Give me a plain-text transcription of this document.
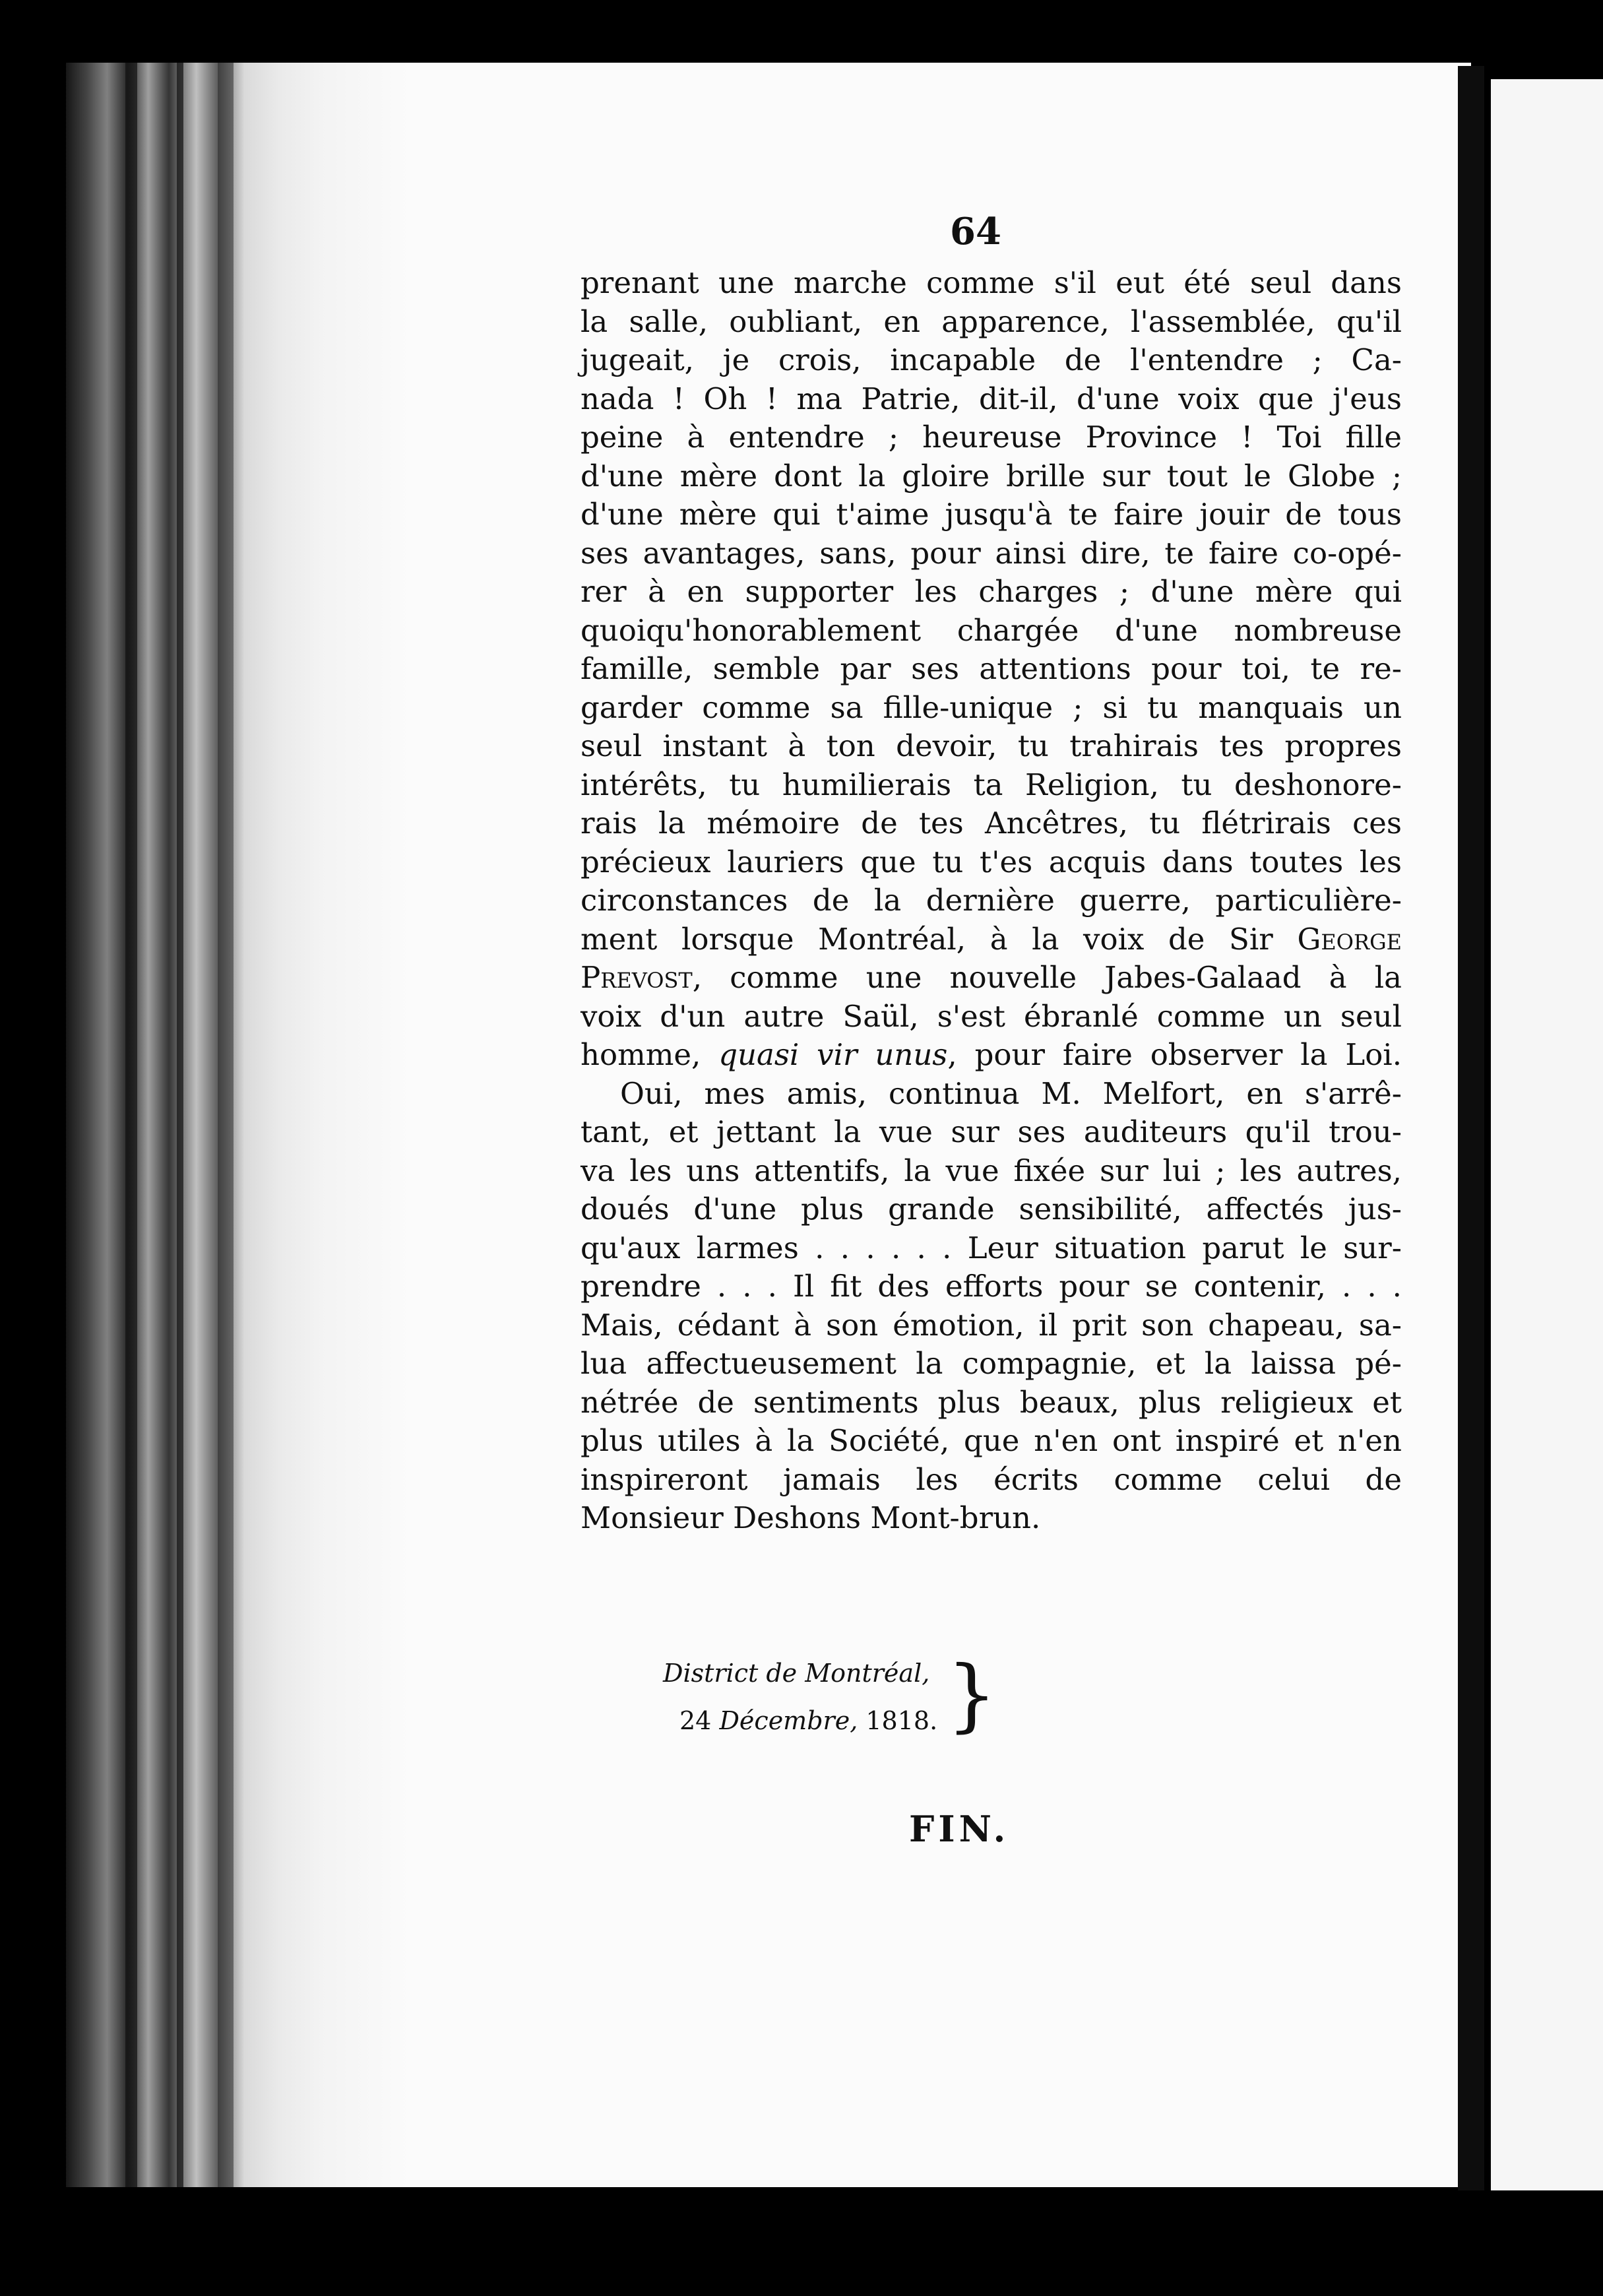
64
prenant une marche comme s'il eut été seul dans
la salle, oubliant, en apparence, l'assemblée, qu'il
jugeait, je crois, incapable de l'entendre ; Ca-
nada ! Oh ! ma Patrie, dit-il, d'une voix que j'eus
peine à entendre ; heureuse Province ! Toi fille
d'une mère dont la gloire brille sur tout le Globe ;
d'une mère qui t'aime jusqu'à te faire jouir de tous
ses avantages, sans, pour ainsi dire, te faire co-opé-
rer à en supporter les charges ; d'une mère qui
quoiqu'honorablement chargée d'une nombreuse
famille, semble par ses attentions pour toi, te re-
garder comme sa fille-unique ; si tu manquais un
seul instant à ton devoir, tu trahirais tes propres
intérêts, tu humilierais ta Religion, tu deshonore-
rais la mémoire de tes Ancêtres, tu flétrirais ces
précieux lauriers que tu t'es acquis dans toutes les
circonstances de la dernière guerre, particulière-
ment lorsque Montréal, à la voix de Sir George
Prevost, comme une nouvelle Jabes-Galaad à la
voix d'un autre Saül, s'est ébranlé comme un seul
homme, quasi vir unus, pour faire observer la Loi.
Oui, mes amis, continua M. Melfort, en s'arrê-
tant, et jettant la vue sur ses auditeurs qu'il trou-
va les uns attentifs, la vue fixée sur lui ; les autres,
doués d'une plus grande sensibilité, affectés jus-
qu'aux larmes . . . . . . Leur situation parut le sur-
prendre . . . Il fit des efforts pour se contenir, . . .
Mais, cédant à son émotion, il prit son chapeau, sa-
lua affectueusement la compagnie, et la laissa pé-
nétrée de sentiments plus beaux, plus religieux et
plus utiles à la Société, que n'en ont inspiré et n'en
inspireront jamais les écrits comme celui de
Monsieur Deshons Mont-brun.
District de Montréal,
24 Décembre, 1818. }
FIN.
